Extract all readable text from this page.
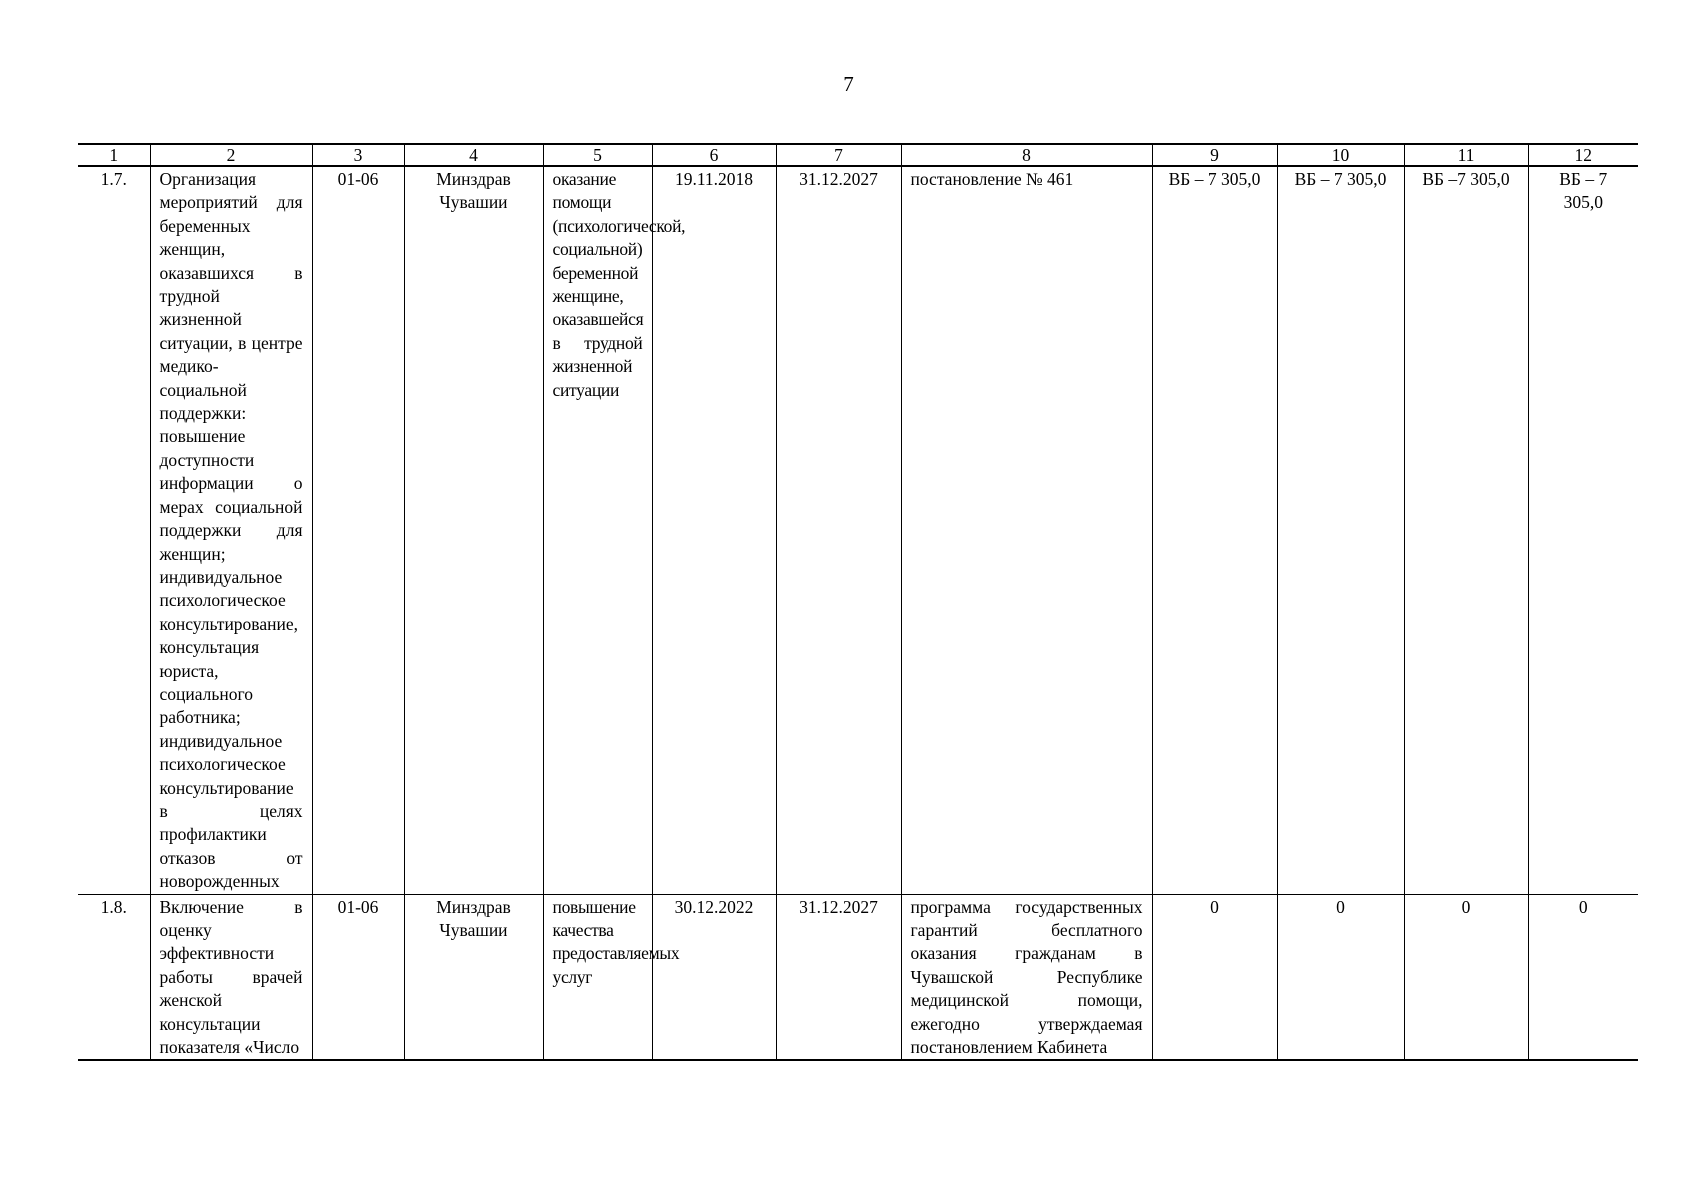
7
1	2	3	4	5	6	7	8	9	10	11	12
1.7.	Организация мероприятий для беременных женщин, оказавшихся в трудной жизненной ситуации, в центре медико-социальной поддержки: повышение доступности информации о мерах социальной поддержки для женщин; индивидуальное психологическое консультирование, консультация юриста, социального работника; индивидуальное психологическое консультирование в целях профилактики отказов от новорожденных	01-06	Минздрав Чувашии	оказание помощи (психологической, социальной) беременной женщине, оказавшейся в трудной жизненной ситуации	19.11.2018	31.12.2027	постановление № 461	ВБ – 7 305,0	ВБ – 7 305,0	ВБ –7 305,0	ВБ – 7 305,0
1.8.	Включение в оценку эффективности работы врачей женской консультации показателя «Число	01-06	Минздрав Чувашии	повышение качества предоставляемых услуг	30.12.2022	31.12.2027	программа государственных гарантий бесплатного оказания гражданам в Чувашской Республике медицинской помощи, ежегодно утверждаемая постановлением Кабинета	0	0	0	0
